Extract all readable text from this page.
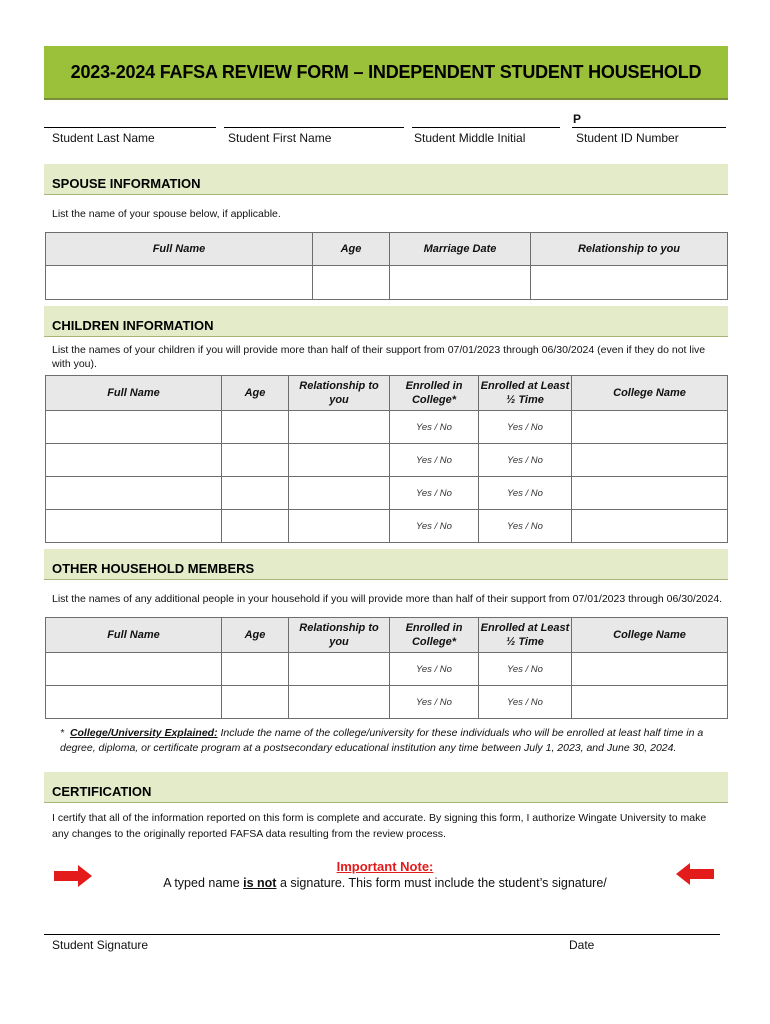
2023-2024 FAFSA REVIEW FORM – INDEPENDENT STUDENT HOUSEHOLD
P
Student Last Name	Student First Name	Student Middle Initial	Student ID Number
SPOUSE INFORMATION
List the name of your spouse below, if applicable.
Full Name	Age	Marriage Date	Relationship to you

CHILDREN INFORMATION
List the names of your children if you will provide more than half of their support from 07/01/2023 through 06/30/2024 (even if they do not live with you).
Full Name	Age	Relationship to you	Enrolled in College*	Enrolled at Least ½ Time	College Name
			Yes / No	Yes / No	
			Yes / No	Yes / No	
			Yes / No	Yes / No	
			Yes / No	Yes / No	
OTHER HOUSEHOLD MEMBERS
List the names of any additional people in your household if you will provide more than half of their support from 07/01/2023 through 06/30/2024.
Full Name	Age	Relationship to you	Enrolled in College*	Enrolled at Least ½ Time	College Name
			Yes / No	Yes / No	
			Yes / No	Yes / No	
* College/University Explained: Include the name of the college/university for these individuals who will be enrolled at least half time in a degree, diploma, or certificate program at a postsecondary educational institution any time between July 1, 2023, and June 30, 2024.
CERTIFICATION
I certify that all of the information reported on this form is complete and accurate. By signing this form, I authorize Wingate University to make any changes to the originally reported FAFSA data resulting from the review process.
Important Note:
A typed name is not a signature. This form must include the student’s signature/
Student Signature	Date
